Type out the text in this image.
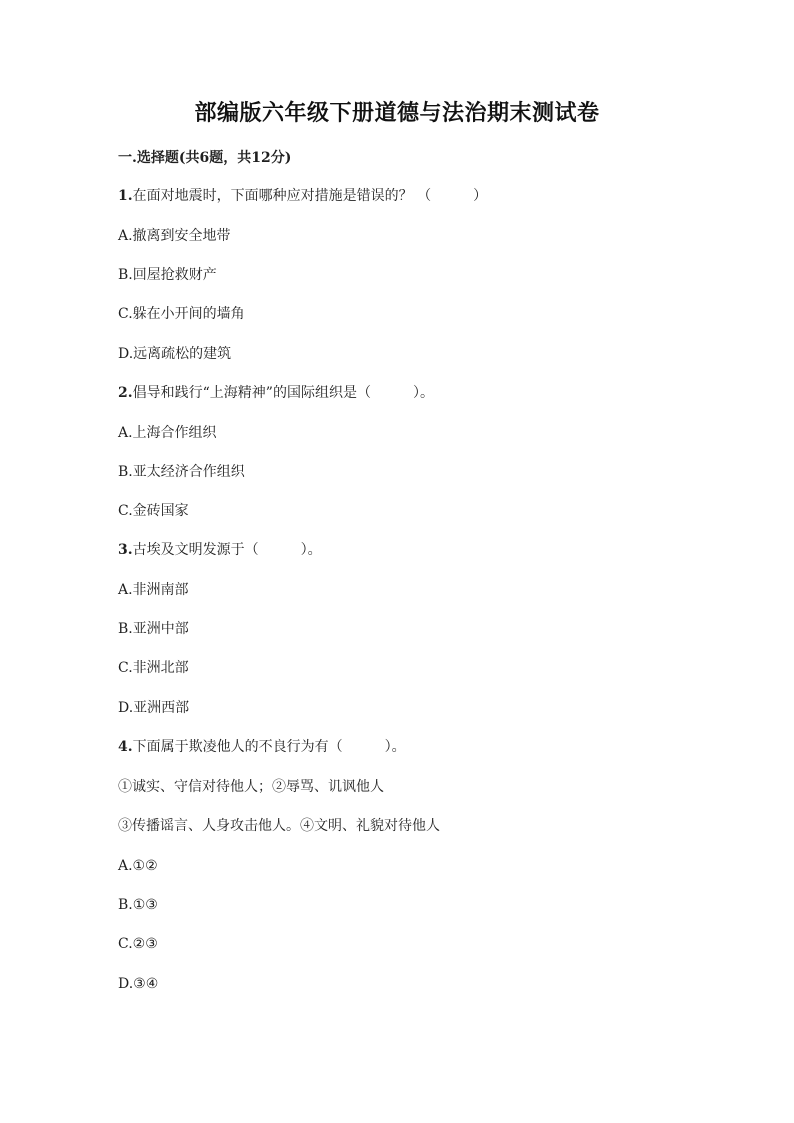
部编版六年级下册道德与法治期末测试卷
一.选择题(共6题，共12分)
1.在面对地震时，下面哪种应对措施是错误的？ （　　　）
A.撤离到安全地带
B.回屋抢救财产
C.躲在小开间的墙角
D.远离疏松的建筑
2.倡导和践行“上海精神”的国际组织是（　　　）。
A.上海合作组织
B.亚太经济合作组织
C.金砖国家
3.古埃及文明发源于（　　　）。
A.非洲南部
B.亚洲中部
C.非洲北部
D.亚洲西部
4.下面属于欺凌他人的不良行为有（　　　）。
①诚实、守信对待他人；②辱骂、讥讽他人
③传播谣言、人身攻击他人。④文明、礼貌对待他人
A.①②
B.①③
C.②③
D.③④
